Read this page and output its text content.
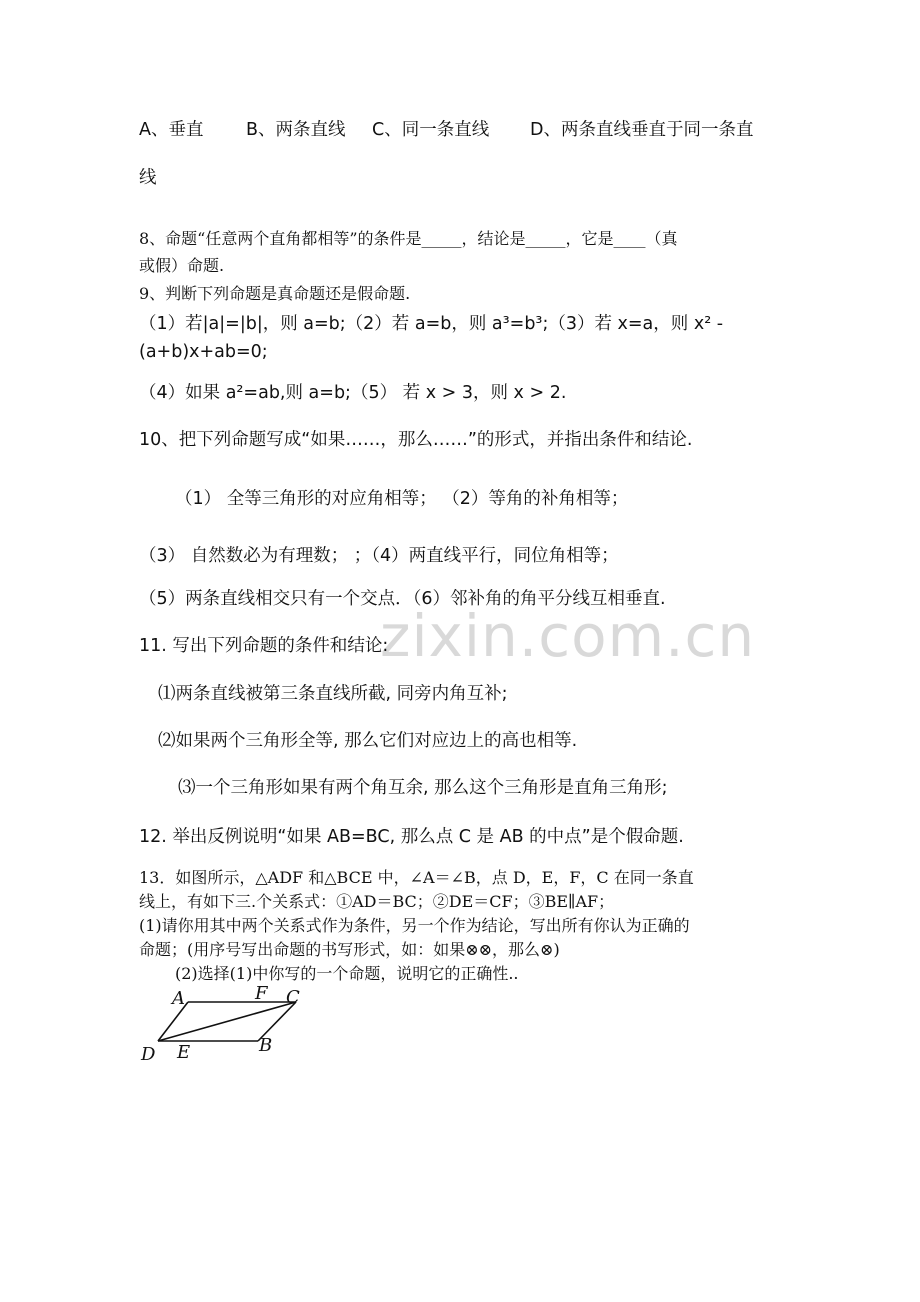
zixin.com.cn
A、垂直 B、两条直线 C、同一条直线 D、两条直线垂直于同一条直
线
8、命题“任意两个直角都相等”的条件是_____，结论是_____，它是____（真
或假）命题.
9、判断下列命题是真命题还是假命题.
（1）若|a|=|b|，则 a=b;（2）若 a=b，则 a³=b³;（3）若 x=a，则 x² -
(a+b)x+ab=0;
（4）如果 a²=ab,则 a=b;（5） 若 x > 3，则 x > 2.
10、把下列命题写成“如果……，那么……”的形式，并指出条件和结论.
（1） 全等三角形的对应角相等； （2）等角的补角相等；
（3） 自然数必为有理数； ；（4）两直线平行，同位角相等；
（5）两条直线相交只有一个交点．（6）邻补角的角平分线互相垂直.
11. 写出下列命题的条件和结论:
⑴两条直线被第三条直线所截, 同旁内角互补;
⑵如果两个三角形全等, 那么它们对应边上的高也相等.
⑶一个三角形如果有两个角互余, 那么这个三角形是直角三角形;
12. 举出反例说明“如果 AB=BC, 那么点 C 是 AB 的中点”是个假命题.
13．如图所示，△ADF 和△BCE 中，∠A＝∠B，点 D，E，F，C 在同一条直
线上，有如下三.个关系式：①AD＝BC；②DE＝CF；③BE∥AF；
(1)请你用其中两个关系式作为条件，另一个作为结论，写出所有你认为正确的
命题；(用序号写出命题的书写形式，如：如果⊗⊗，那么⊗)
(2)选择(1)中你写的一个命题，说明它的正确性..
A	F C
D E	B
